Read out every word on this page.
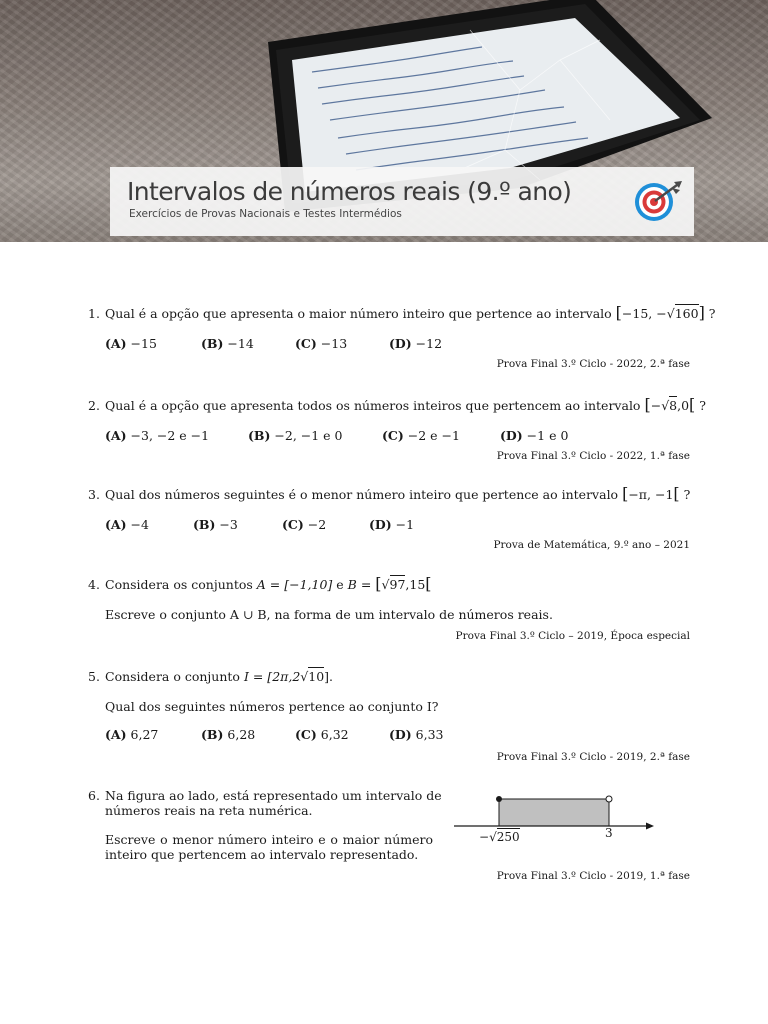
Intervalos de números reais (9.º ano)

Exercícios de Provas Nacionais e Testes Intermédios

1. Qual é a opção que apresenta o maior número inteiro que pertence ao intervalo [−15, −√160] ?
(A) −15	(B) −14	(C) −13	(D) −12
Prova Final 3.º Ciclo - 2022, 2.ª fase
2. Qual é a opção que apresenta todos os números inteiros que pertencem ao intervalo [−√8,0[ ?
(A) −3, −2 e −1	(B) −2, −1 e 0	(C) −2 e −1	(D) −1 e 0
Prova Final 3.º Ciclo - 2022, 1.ª fase
3. Qual dos números seguintes é o menor número inteiro que pertence ao intervalo [−π, −1[ ?
(A) −4	(B) −3	(C) −2	(D) −1
Prova de Matemática, 9.º ano – 2021
4. Considera os conjuntos A = [−1,10] e B = [√97,15[
Escreve o conjunto A ∪ B, na forma de um intervalo de números reais.
Prova Final 3.º Ciclo – 2019, Época especial
5. Considera o conjunto I = [2π,2√10].
Qual dos seguintes números pertence ao conjunto I?
(A) 6,27	(B) 6,28	(C) 6,32	(D) 6,33
Prova Final 3.º Ciclo - 2019, 2.ª fase
6. Na figura ao lado, está representado um intervalo de
números reais na reta numérica.
Escreve o menor número inteiro e o maior número
inteiro que pertencem ao intervalo representado.
−√250	3
Prova Final 3.º Ciclo - 2019, 1.ª fase
